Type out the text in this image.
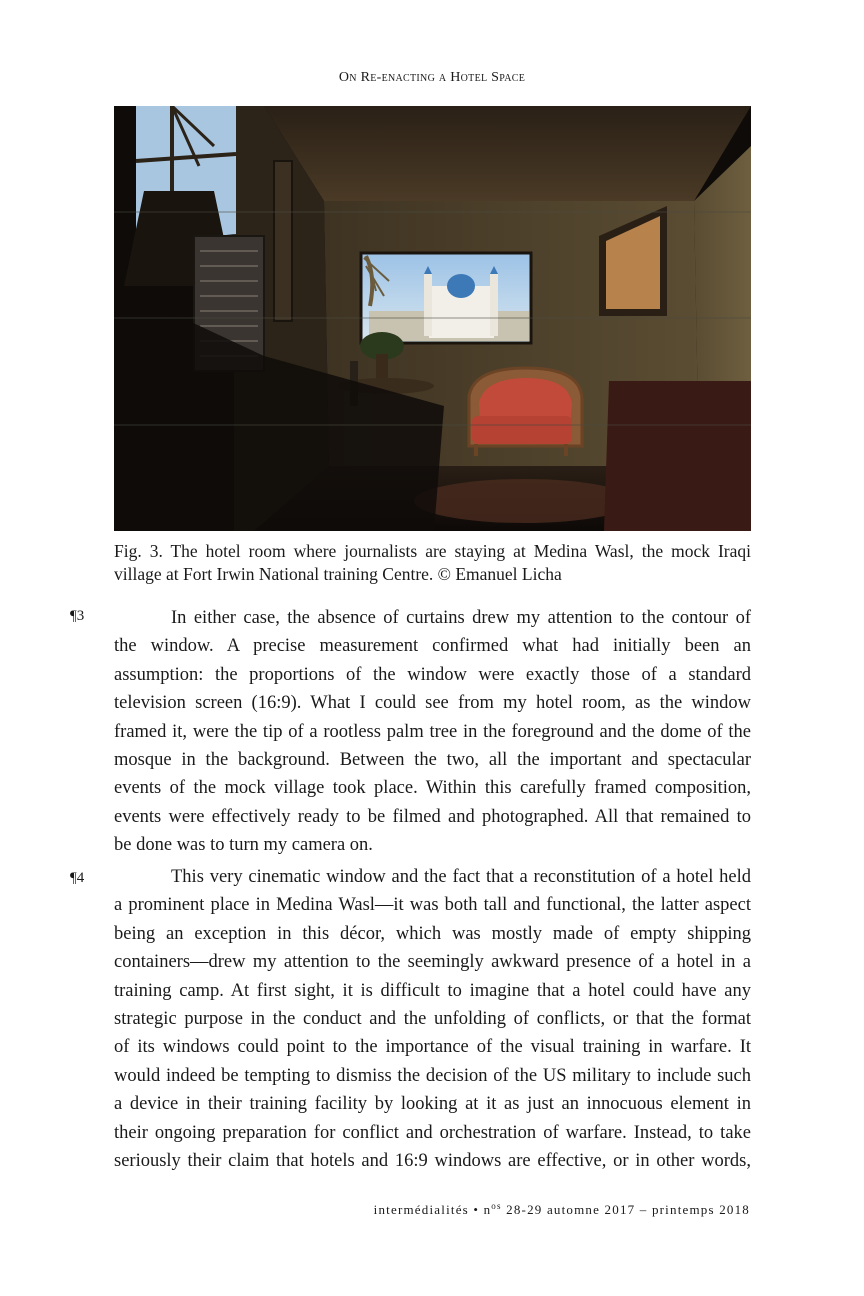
On Re-enacting a Hotel Space
Fig. 3. The hotel room where journalists are staying at Medina Wasl, the mock Iraqi village at Fort Irwin National training Centre. © Emanuel Licha
¶3	In either case, the absence of curtains drew my attention to the contour of
the window. A precise measurement confirmed what had initially been an
assumption: the proportions of the window were exactly those of a standard
television screen (16:9). What I could see from my hotel room, as the window
framed it, were the tip of a rootless palm tree in the foreground and the dome of the
mosque in the background. Between the two, all the important and spectacular
events of the mock village took place. Within this carefully framed composition,
events were effectively ready to be filmed and photographed. All that remained to
be done was to turn my camera on.
¶4	This very cinematic window and the fact that a reconstitution of a hotel held
a prominent place in Medina Wasl—it was both tall and functional, the latter aspect
being an exception in this décor, which was mostly made of empty shipping
containers—drew my attention to the seemingly awkward presence of a hotel in a
training camp. At first sight, it is difficult to imagine that a hotel could have any
strategic purpose in the conduct and the unfolding of conflicts, or that the format
of its windows could point to the importance of the visual training in warfare. It
would indeed be tempting to dismiss the decision of the US military to include such
a device in their training facility by looking at it as just an innocuous element in
their ongoing preparation for conflict and orchestration of warfare. Instead, to take
seriously their claim that hotels and 16:9 windows are effective, or in other words,
intermédialités • $n^{os}$ 28-29 automne 2017 – printemps 2018
